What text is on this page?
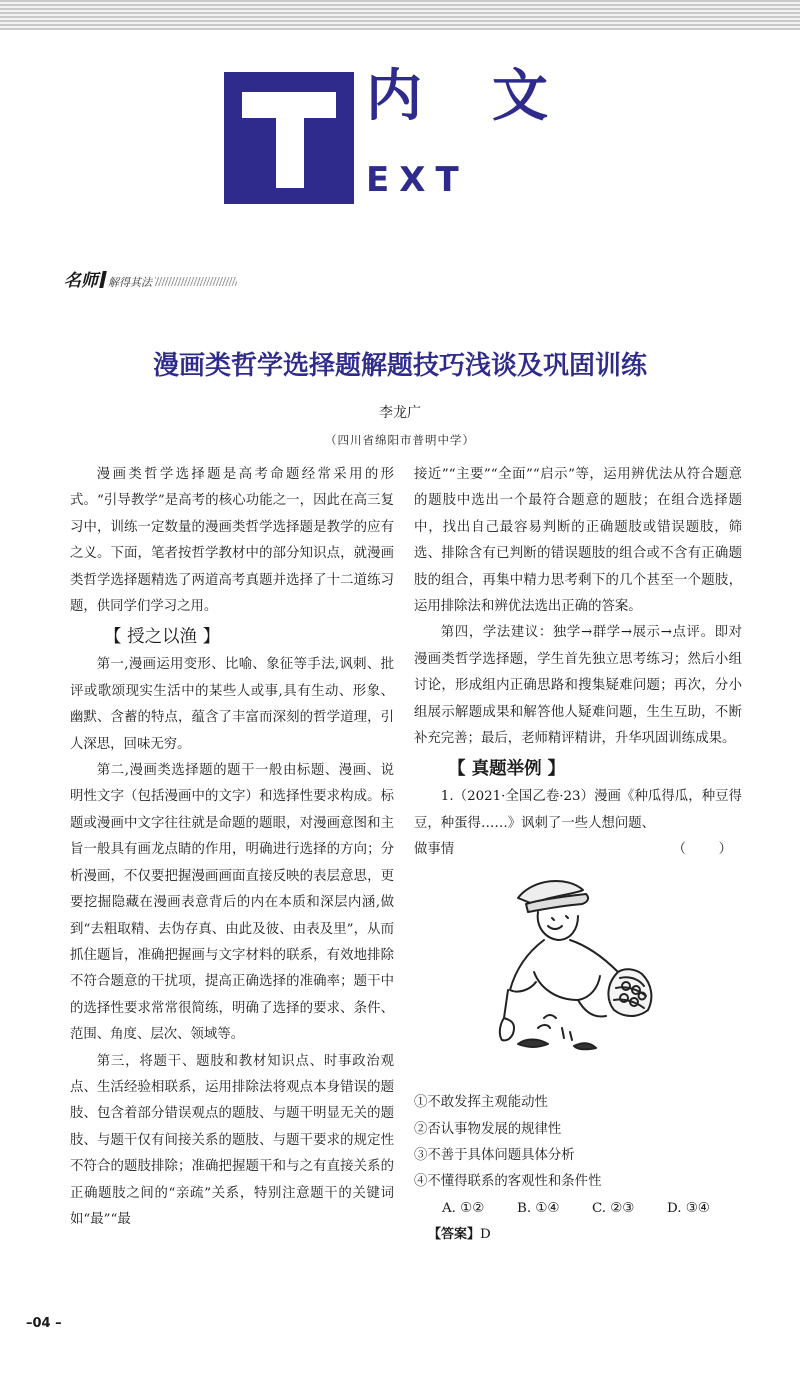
内文
EXT
名师 解得其法
漫画类哲学选择题解题技巧浅谈及巩固训练
李龙广
（四川省绵阳市普明中学）

漫画类哲学选择题是高考命题经常采用的形式。“引导教学”是高考的核心功能之一，因此在高三复习中，训练一定数量的漫画类哲学选择题是教学的应有之义。下面，笔者按哲学教材中的部分知识点，就漫画类哲学选择题精选了两道高考真题并选择了十二道练习题，供同学们学习之用。

【 授之以渔 】

第一,漫画运用变形、比喻、象征等手法,讽刺、批评或歌颂现实生活中的某些人或事,具有生动、形象、幽默、含蓄的特点，蕴含了丰富而深刻的哲学道理，引人深思，回味无穷。

第二,漫画类选择题的题干一般由标题、漫画、说明性文字（包括漫画中的文字）和选择性要求构成。标题或漫画中文字往往就是命题的题眼，对漫画意图和主旨一般具有画龙点睛的作用，明确进行选择的方向；分析漫画，不仅要把握漫画画面直接反映的表层意思，更要挖掘隐藏在漫画表意背后的内在本质和深层内涵,做到“去粗取精、去伪存真、由此及彼、由表及里”，从而抓住题旨，准确把握画与文字材料的联系，有效地排除不符合题意的干扰项，提高正确选择的准确率；题干中的选择性要求常常很简练，明确了选择的要求、条件、范围、角度、层次、领域等。

第三，将题干、题肢和教材知识点、时事政治观点、生活经验相联系，运用排除法将观点本身错误的题肢、包含着部分错误观点的题肢、与题干明显无关的题肢、与题干仅有间接关系的题肢、与题干要求的规定性不符合的题肢排除；准确把握题干和与之有直接关系的正确题肢之间的“亲疏”关系，特别注意题干的关键词如“最”“最

接近”“主要”“全面”“启示”等，运用辨优法从符合题意的题肢中选出一个最符合题意的题肢；在组合选择题中，找出自己最容易判断的正确题肢或错误题肢，筛选、排除含有已判断的错误题肢的组合或不含有正确题肢的组合，再集中精力思考剩下的几个甚至一个题肢，运用排除法和辨优法选出正确的答案。

第四，学法建议：独学→群学→展示→点评。即对漫画类哲学选择题，学生首先独立思考练习；然后小组讨论，形成组内正确思路和搜集疑难问题；再次，分小组展示解题成果和解答他人疑难问题，生生互助，不断补充完善；最后，老师精评精讲，升华巩固训练成果。

【 真题举例 】

1.（2021·全国乙卷·23）漫画《种瓜得瓜，种豆得豆，种蛋得……》讽刺了一些人想问题、

做事情	（　　）

①不敢发挥主观能动性

②否认事物发展的规律性

③不善于具体问题具体分析

④不懂得联系的客观性和条件性

A. ①②	B. ①④	C. ②③	D. ③④
【答案】D
–04 –
